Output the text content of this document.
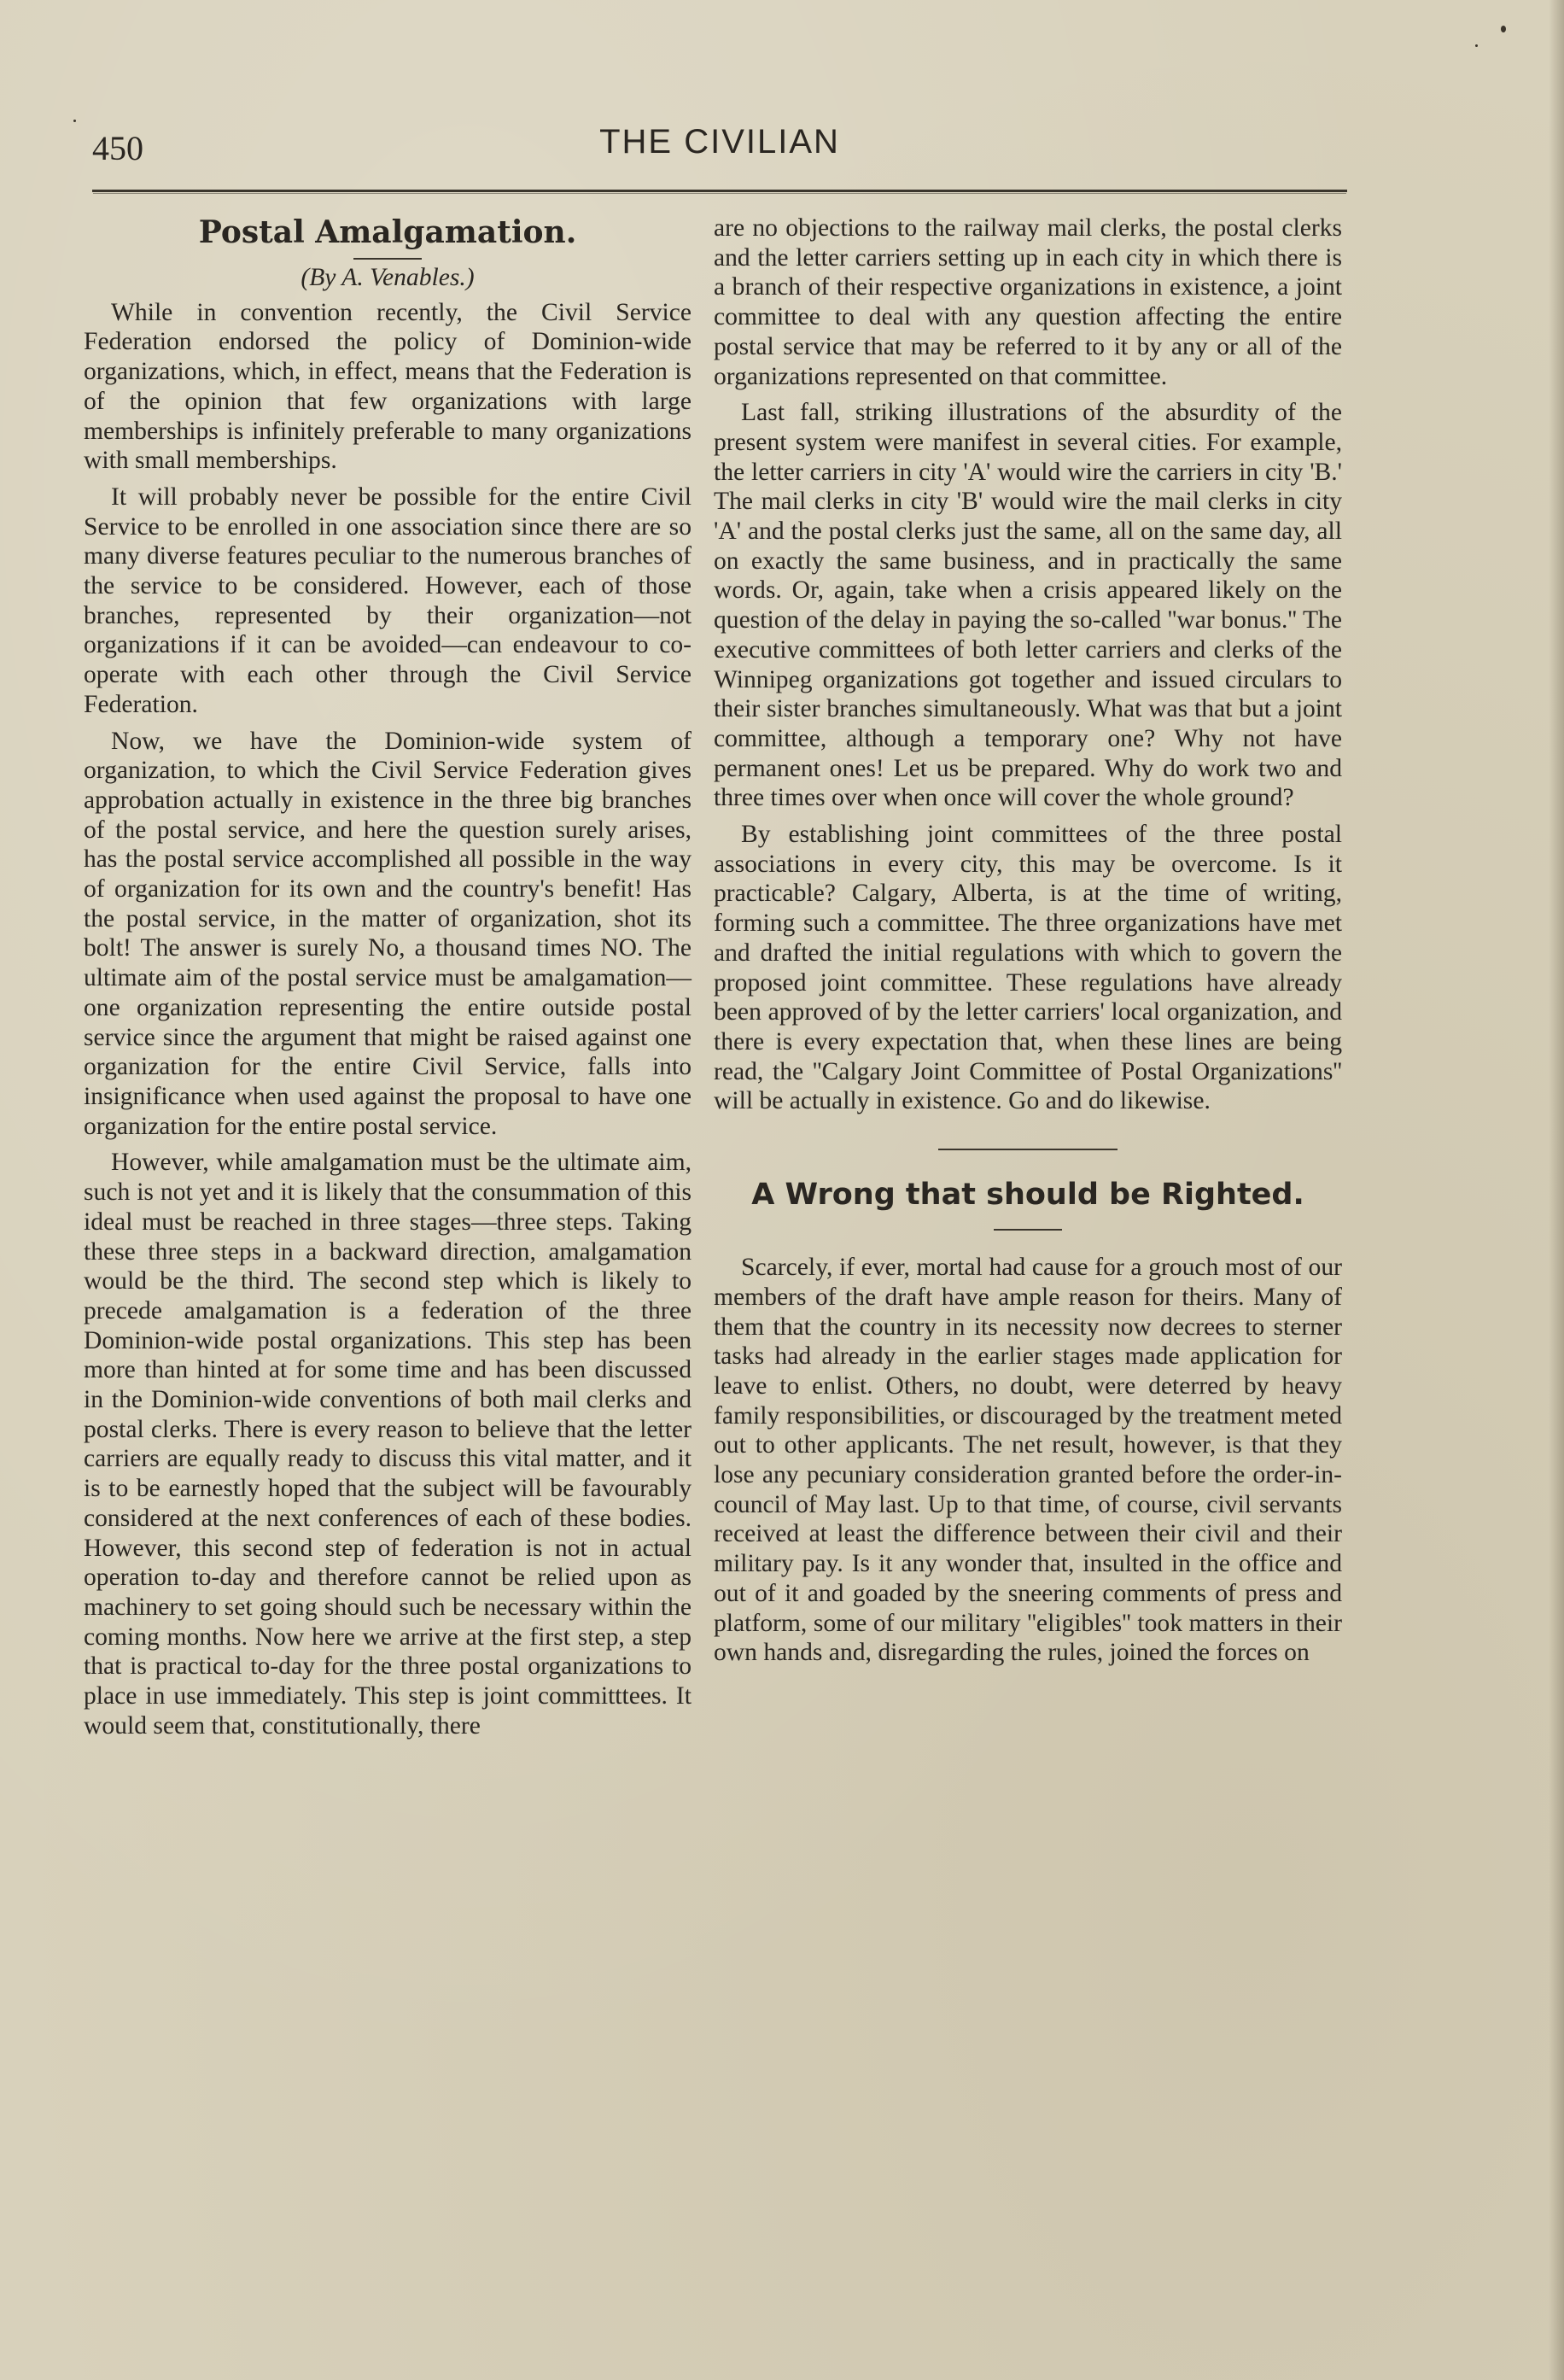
450	THE CIVILIAN
Postal Amalgamation.
(By A. Venables.)

While in convention recently, the Civil Service Federation endorsed the policy of Dominion-wide organizations, which, in effect, means that the Federation is of the opinion that few organizations with large memberships is infinitely preferable to many organizations with small memberships.

It will probably never be possible for the entire Civil Service to be enrolled in one association since there are so many diverse features peculiar to the numerous branches of the service to be considered. However, each of those branches, represented by their organization—not organizations if it can be avoided—can endeavour to co-operate with each other through the Civil Service Federation.

Now, we have the Dominion-wide system of organization, to which the Civil Service Federation gives approbation actually in existence in the three big branches of the postal service, and here the question surely arises, has the postal service accomplished all possible in the way of organization for its own and the country's benefit! Has the postal service, in the matter of organization, shot its bolt! The answer is surely No, a thousand times NO. The ultimate aim of the postal service must be amalgamation—one organization representing the entire outside postal service since the argument that might be raised against one organization for the entire Civil Service, falls into insignificance when used against the proposal to have one organization for the entire postal service.

However, while amalgamation must be the ultimate aim, such is not yet and it is likely that the consummation of this ideal must be reached in three stages—three steps. Taking these three steps in a backward direction, amalgamation would be the third. The second step which is likely to precede amalgamation is a federation of the three Dominion-wide postal organizations. This step has been more than hinted at for some time and has been discussed in the Dominion-wide conventions of both mail clerks and postal clerks. There is every reason to believe that the letter carriers are equally ready to discuss this vital matter, and it is to be earnestly hoped that the subject will be favourably considered at the next conferences of each of these bodies. However, this second step of federation is not in actual operation to-day and therefore cannot be relied upon as machinery to set going should such be necessary within the coming months. Now here we arrive at the first step, a step that is practical to-day for the three postal organizations to place in use immediately. This step is joint committtees. It would seem that, constitutionally, there

are no objections to the railway mail clerks, the postal clerks and the letter carriers setting up in each city in which there is a branch of their respective organizations in existence, a joint committee to deal with any question affecting the entire postal service that may be referred to it by any or all of the organizations represented on that committee.

Last fall, striking illustrations of the absurdity of the present system were manifest in several cities. For example, the letter carriers in city 'A' would wire the carriers in city 'B.' The mail clerks in city 'B' would wire the mail clerks in city 'A' and the postal clerks just the same, all on the same day, all on exactly the same business, and in practically the same words. Or, again, take when a crisis appeared likely on the question of the delay in paying the so-called ''war bonus.'' The executive committees of both letter carriers and clerks of the Winnipeg organizations got together and issued circulars to their sister branches simultaneously. What was that but a joint committee, although a temporary one? Why not have permanent ones! Let us be prepared. Why do work two and three times over when once will cover the whole ground?

By establishing joint committees of the three postal associations in every city, this may be overcome. Is it practicable? Calgary, Alberta, is at the time of writing, forming such a committee. The three organizations have met and drafted the initial regulations with which to govern the proposed joint committee. These regulations have already been approved of by the letter carriers' local organization, and there is every expectation that, when these lines are being read, the ''Calgary Joint Committee of Postal Organizations'' will be actually in existence. Go and do likewise.

A Wrong that should be Righted.

Scarcely, if ever, mortal had cause for a grouch most of our members of the draft have ample reason for theirs. Many of them that the country in its necessity now decrees to sterner tasks had already in the earlier stages made application for leave to enlist. Others, no doubt, were deterred by heavy family responsibilities, or discouraged by the treatment meted out to other applicants. The net result, however, is that they lose any pecuniary consideration granted before the order-in-council of May last. Up to that time, of course, civil servants received at least the difference between their civil and their military pay. Is it any wonder that, insulted in the office and out of it and goaded by the sneering comments of press and platform, some of our military ''eligibles'' took matters in their own hands and, disregarding the rules, joined the forces on
